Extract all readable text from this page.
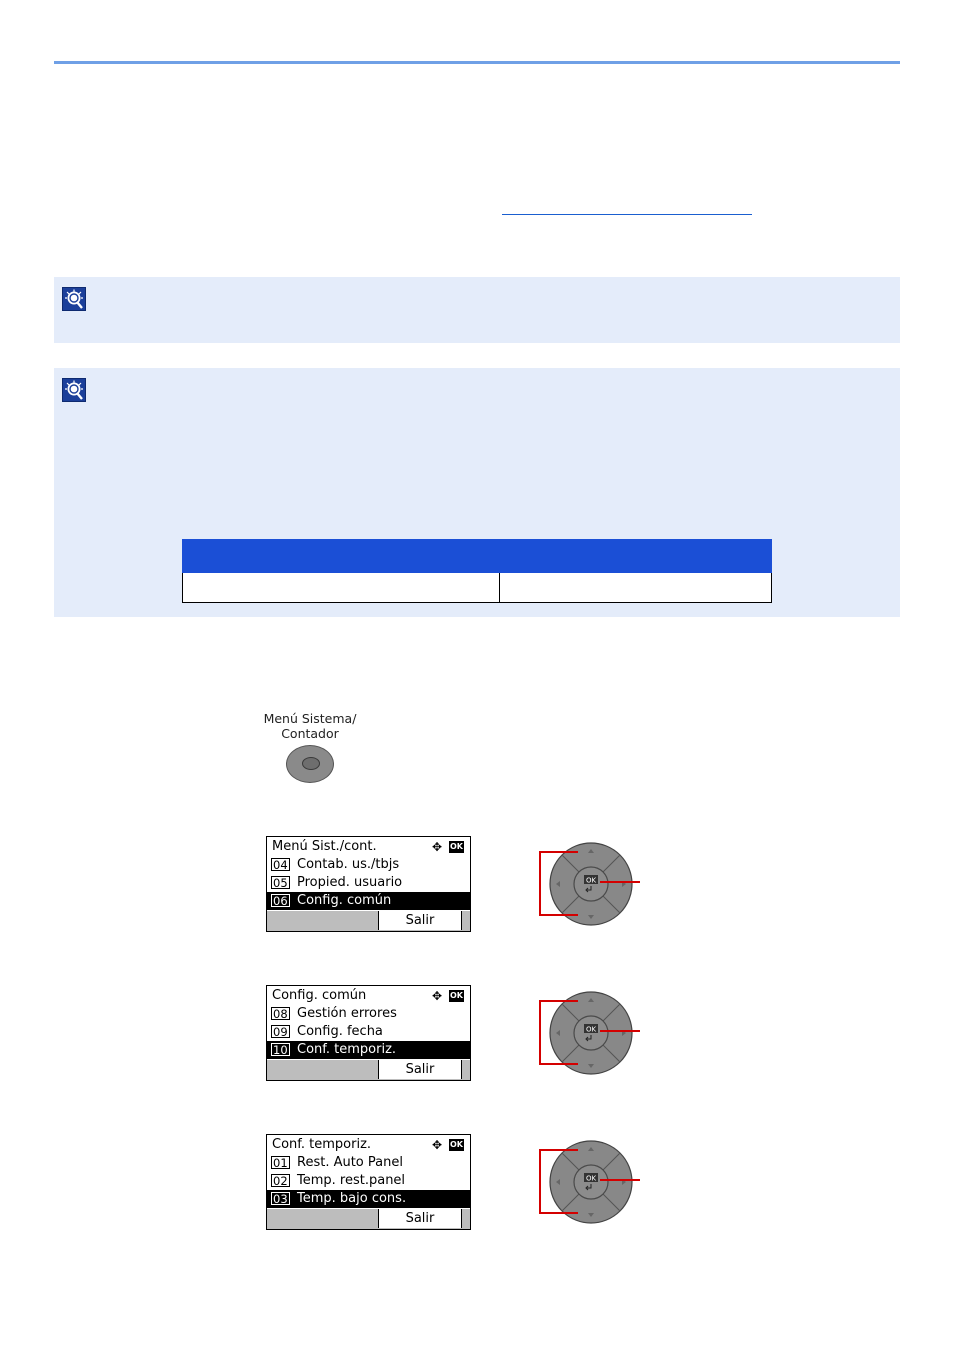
Menú Sistema/
Contador
Menú Sist./cont.	✥ OK
04 Contab. us./tbjs
05 Propied. usuario
06 Config. común
Salir
Config. común	✥ OK
08 Gestión errores
09 Config. fecha
10 Conf. temporiz.
Salir
Conf. temporiz.	✥ OK
01 Rest. Auto Panel
02 Temp. rest.panel
03 Temp. bajo cons.
Salir
OK
OK
OK
